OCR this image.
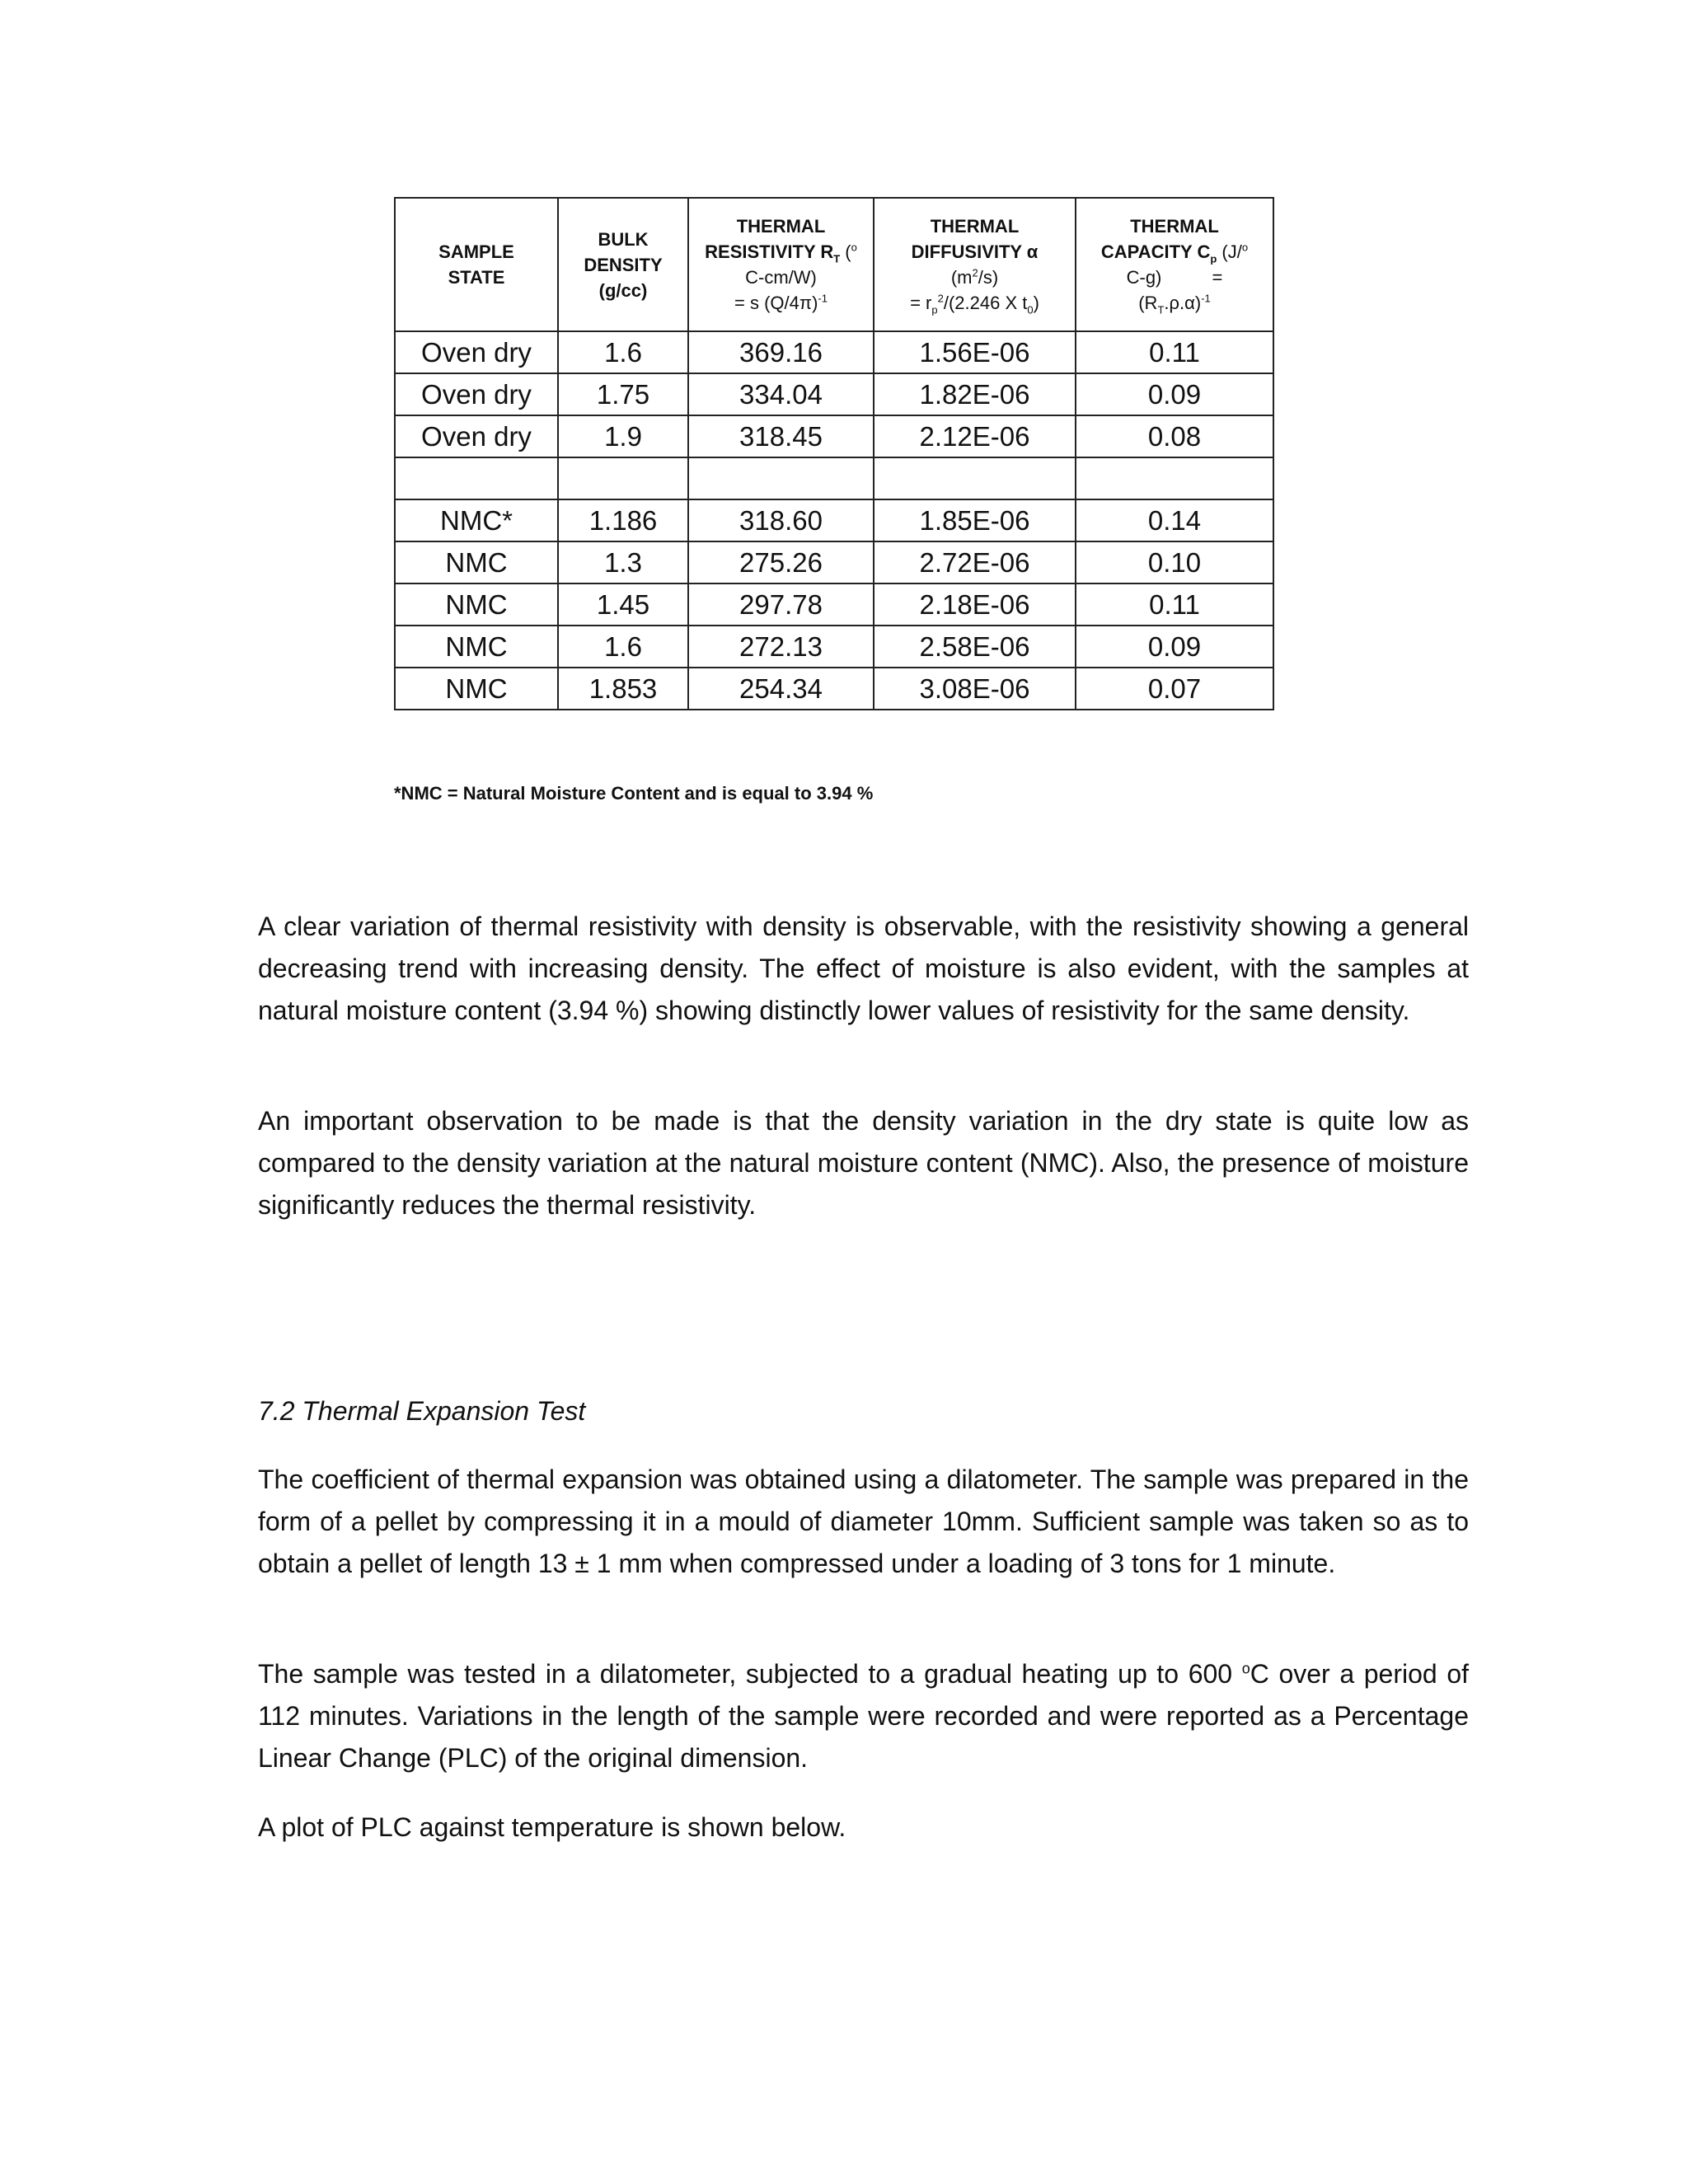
SAMPLE
STATE	BULK
DENSITY
(g/cc)	THERMAL
RESISTIVITY $R_T$ ($^o$
C-cm/W)
= s $(Q/4\pi)^{-1}$	THERMAL
DIFFUSIVITY α
$(m^2/s)$
= $r_p^2/(2.246$ X $t_0$)	THERMAL
CAPACITY $C_p$ (J/$^o$
C-g) =
$(R_T.\rho.\alpha)^{-1}$

Oven dry	1.6	369.16	1.56E-06	0.11
Oven dry	1.75	334.04	1.82E-06	0.09
Oven dry	1.9	318.45	2.12E-06	0.08

NMC*	1.186	318.60	1.85E-06	0.14
NMC	1.3	275.26	2.72E-06	0.10
NMC	1.45	297.78	2.18E-06	0.11
NMC	1.6	272.13	2.58E-06	0.09
NMC	1.853	254.34	3.08E-06	0.07
*NMC = Natural Moisture Content and is equal to 3.94 %

A clear variation of thermal resistivity with density is observable, with the resistivity showing a general decreasing trend with increasing density. The effect of moisture is also evident, with the samples at natural moisture content (3.94 %) showing distinctly lower values of resistivity for the same density.

An important observation to be made is that the density variation in the dry state is quite low as compared to the density variation at the natural moisture content (NMC). Also, the presence of moisture significantly reduces the thermal resistivity.

7.2 Thermal Expansion Test

The coefficient of thermal expansion was obtained using a dilatometer. The sample was prepared in the form of a pellet by compressing it in a mould of diameter 10mm. Sufficient sample was taken so as to obtain a pellet of length 13 ± 1 mm when compressed under a loading of 3 tons for 1 minute.

The sample was tested in a dilatometer, subjected to a gradual heating up to 600 $^o$C over a period of 112 minutes. Variations in the length of the sample were recorded and were reported as a Percentage Linear Change (PLC) of the original dimension.

A plot of PLC against temperature is shown below.
